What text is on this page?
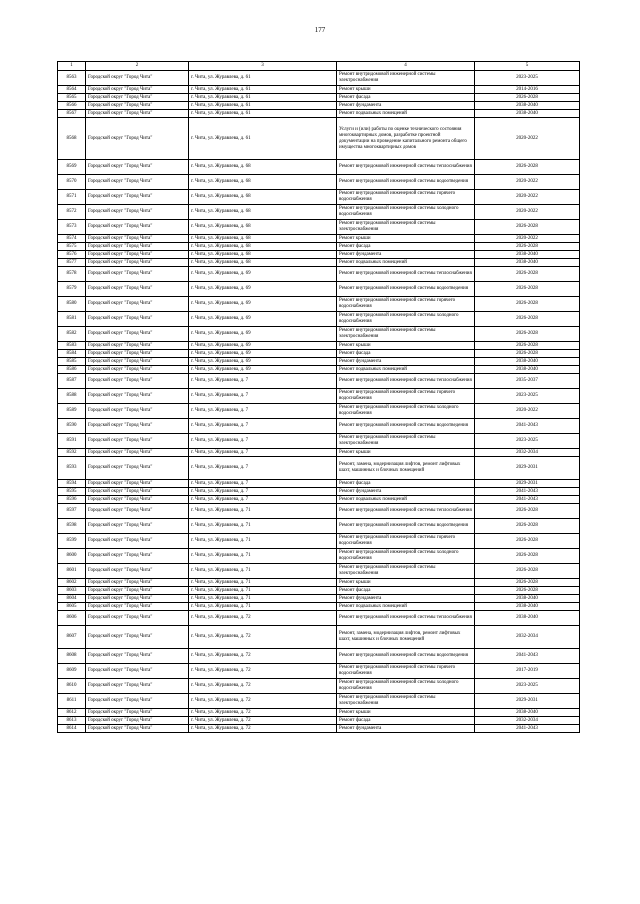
177
1	2	3	4	5
8563	Городской округ "Город Чита"	г. Чита, ул. Журавлева, д. 61	Ремонт внутридомовой инженерной системы электроснабжения	2023-2025
8564	Городской округ "Город Чита"	г. Чита, ул. Журавлева, д. 61	Ремонт крыши	2014-2016
8565	Городской округ "Город Чита"	г. Чита, ул. Журавлева, д. 61	Ремонт фасада	2026-2028
8566	Городской округ "Город Чита"	г. Чита, ул. Журавлева, д. 61	Ремонт фундамента	2038-2040
8567	Городской округ "Город Чита"	г. Чита, ул. Журавлева, д. 61	Ремонт подвальных помещений	2038-2040
8568	Городской округ "Город Чита"	г. Чита, ул. Журавлева, д. 61	Услуги и (или) работы по оценке технического состояния многоквартирных домов, разработке проектной документации на проведение капитального ремонта общего имущества многоквартирных домов	2020-2022
8569	Городской округ "Город Чита"	г. Чита, ул. Журавлева, д. 68	Ремонт внутридомовой инженерной системы теплоснабжения	2026-2028
8570	Городской округ "Город Чита"	г. Чита, ул. Журавлева, д. 68	Ремонт внутридомовой инженерной системы водоотведения	2020-2022
8571	Городской округ "Город Чита"	г. Чита, ул. Журавлева, д. 68	Ремонт внутридомовой инженерной системы горячего водоснабжения	2020-2022
8572	Городской округ "Город Чита"	г. Чита, ул. Журавлева, д. 68	Ремонт внутридомовой инженерной системы холодного водоснабжения	2020-2022
8573	Городской округ "Город Чита"	г. Чита, ул. Журавлева, д. 68	Ремонт внутридомовой инженерной системы электроснабжения	2026-2028
8574	Городской округ "Город Чита"	г. Чита, ул. Журавлева, д. 68	Ремонт крыши	2020-2022
8575	Городской округ "Город Чита"	г. Чита, ул. Журавлева, д. 68	Ремонт фасада	2026-2028
8576	Городской округ "Город Чита"	г. Чита, ул. Журавлева, д. 68	Ремонт фундамента	2038-2040
8577	Городской округ "Город Чита"	г. Чита, ул. Журавлева, д. 68	Ремонт подвальных помещений	2038-2040
8578	Городской округ "Город Чита"	г. Чита, ул. Журавлева, д. 69	Ремонт внутридомовой инженерной системы теплоснабжения	2026-2028
8579	Городской округ "Город Чита"	г. Чита, ул. Журавлева, д. 69	Ремонт внутридомовой инженерной системы водоотведения	2026-2028
8580	Городской округ "Город Чита"	г. Чита, ул. Журавлева, д. 69	Ремонт внутридомовой инженерной системы горячего водоснабжения	2026-2028
8581	Городской округ "Город Чита"	г. Чита, ул. Журавлева, д. 69	Ремонт внутридомовой инженерной системы холодного водоснабжения	2026-2028
8582	Городской округ "Город Чита"	г. Чита, ул. Журавлева, д. 69	Ремонт внутридомовой инженерной системы электроснабжения	2026-2028
8583	Городской округ "Город Чита"	г. Чита, ул. Журавлева, д. 69	Ремонт крыши	2026-2028
8584	Городской округ "Город Чита"	г. Чита, ул. Журавлева, д. 69	Ремонт фасада	2026-2028
8585	Городской округ "Город Чита"	г. Чита, ул. Журавлева, д. 69	Ремонт фундамента	2038-2040
8586	Городской округ "Город Чита"	г. Чита, ул. Журавлева, д. 69	Ремонт подвальных помещений	2038-2040
8587	Городской округ "Город Чита"	г. Чита, ул. Журавлева, д. 7	Ремонт внутридомовой инженерной системы теплоснабжения	2035-2037
8588	Городской округ "Город Чита"	г. Чита, ул. Журавлева, д. 7	Ремонт внутридомовой инженерной системы горячего водоснабжения	2023-2025
8589	Городской округ "Город Чита"	г. Чита, ул. Журавлева, д. 7	Ремонт внутридомовой инженерной системы холодного водоснабжения	2020-2022
8590	Городской округ "Город Чита"	г. Чита, ул. Журавлева, д. 7	Ремонт внутридомовой инженерной системы водоотведения	2041-2043
8591	Городской округ "Город Чита"	г. Чита, ул. Журавлева, д. 7	Ремонт внутридомовой инженерной системы электроснабжения	2023-2025
8592	Городской округ "Город Чита"	г. Чита, ул. Журавлева, д. 7	Ремонт крыши	2032-2034
8593	Городской округ "Город Чита"	г. Чита, ул. Журавлева, д. 7	Ремонт, замена, модернизация лифтов, ремонт лифтовых шахт, машинных и блочных помещений	2029-2031
8594	Городской округ "Город Чита"	г. Чита, ул. Журавлева, д. 7	Ремонт фасада	2029-2031
8595	Городской округ "Город Чита"	г. Чита, ул. Журавлева, д. 7	Ремонт фундамента	2041-2043
8596	Городской округ "Город Чита"	г. Чита, ул. Журавлева, д. 7	Ремонт подвальных помещений	2041-2043
8597	Городской округ "Город Чита"	г. Чита, ул. Журавлева, д. 71	Ремонт внутридомовой инженерной системы теплоснабжения	2026-2028
8598	Городской округ "Город Чита"	г. Чита, ул. Журавлева, д. 71	Ремонт внутридомовой инженерной системы водоотведения	2026-2028
8599	Городской округ "Город Чита"	г. Чита, ул. Журавлева, д. 71	Ремонт внутридомовой инженерной системы горячего водоснабжения	2026-2028
8600	Городской округ "Город Чита"	г. Чита, ул. Журавлева, д. 71	Ремонт внутридомовой инженерной системы холодного водоснабжения	2026-2028
8601	Городской округ "Город Чита"	г. Чита, ул. Журавлева, д. 71	Ремонт внутридомовой инженерной системы электроснабжения	2026-2028
8602	Городской округ "Город Чита"	г. Чита, ул. Журавлева, д. 71	Ремонт крыши	2026-2028
8603	Городской округ "Город Чита"	г. Чита, ул. Журавлева, д. 71	Ремонт фасада	2026-2028
8604	Городской округ "Город Чита"	г. Чита, ул. Журавлева, д. 71	Ремонт фундамента	2038-2040
8605	Городской округ "Город Чита"	г. Чита, ул. Журавлева, д. 71	Ремонт подвальных помещений	2038-2040
8606	Городской округ "Город Чита"	г. Чита, ул. Журавлева, д. 72	Ремонт внутридомовой инженерной системы теплоснабжения	2038-2040
8607	Городской округ "Город Чита"	г. Чита, ул. Журавлева, д. 72	Ремонт, замена, модернизация лифтов, ремонт лифтовых шахт, машинных и блочных помещений	2032-2034
8608	Городской округ "Город Чита"	г. Чита, ул. Журавлева, д. 72	Ремонт внутридомовой инженерной системы водоотведения	2041-2043
8609	Городской округ "Город Чита"	г. Чита, ул. Журавлева, д. 72	Ремонт внутридомовой инженерной системы горячего водоснабжения	2017-2019
8610	Городской округ "Город Чита"	г. Чита, ул. Журавлева, д. 72	Ремонт внутридомовой инженерной системы холодного водоснабжения	2023-2025
8611	Городской округ "Город Чита"	г. Чита, ул. Журавлева, д. 72	Ремонт внутридомовой инженерной системы электроснабжения	2029-2031
8612	Городской округ "Город Чита"	г. Чита, ул. Журавлева, д. 72	Ремонт крыши	2038-2040
8613	Городской округ "Город Чита"	г. Чита, ул. Журавлева, д. 72	Ремонт фасада	2032-2034
8614	Городской округ "Город Чита"	г. Чита, ул. Журавлева, д. 72	Ремонт фундамента	2041-2043
